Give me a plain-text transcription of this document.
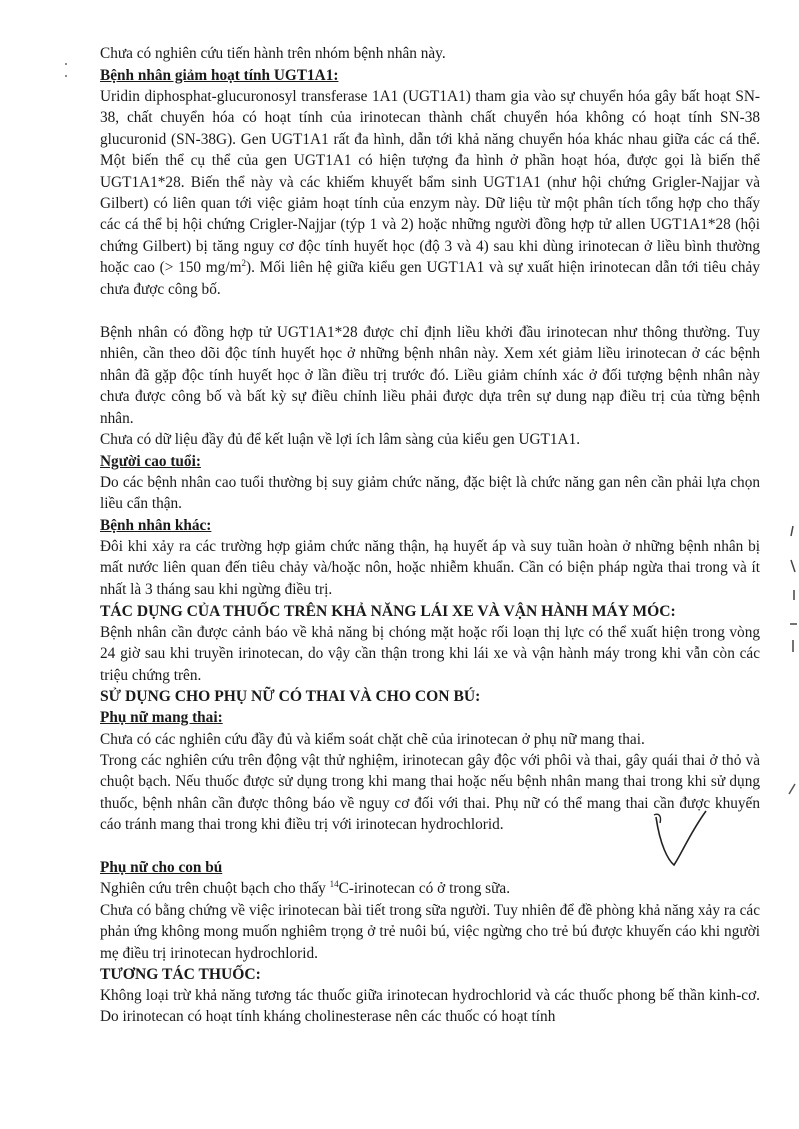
Chưa có nghiên cứu tiến hành trên nhóm bệnh nhân này.
Bệnh nhân giảm hoạt tính UGT1A1:
Uridin diphosphat-glucuronosyl transferase 1A1 (UGT1A1) tham gia vào sự chuyển hóa gây bất hoạt SN-38, chất chuyển hóa có hoạt tính của irinotecan thành chất chuyển hóa không có hoạt tính SN-38 glucuronid (SN-38G). Gen UGT1A1 rất đa hình, dẫn tới khả năng chuyển hóa khác nhau giữa các cá thể. Một biến thể cụ thể của gen UGT1A1 có hiện tượng đa hình ở phần hoạt hóa, được gọi là biến thể UGT1A1*28. Biến thể này và các khiếm khuyết bẩm sinh UGT1A1 (như hội chứng Grigler-Najjar và Gilbert) có liên quan tới việc giảm hoạt tính của enzym này. Dữ liệu từ một phân tích tổng hợp cho thấy các cá thể bị hội chứng Crigler-Najjar (týp 1 và 2) hoặc những người đồng hợp tử allen UGT1A1*28 (hội chứng Gilbert) bị tăng nguy cơ độc tính huyết học (độ 3 và 4) sau khi dùng irinotecan ở liều bình thường hoặc cao (> 150 $mg/m^2$). Mối liên hệ giữa kiểu gen UGT1A1 và sự xuất hiện irinotecan dẫn tới tiêu chảy chưa được công bố.
Bệnh nhân có đồng hợp tử UGT1A1*28 được chỉ định liều khởi đầu irinotecan như thông thường. Tuy nhiên, cần theo dõi độc tính huyết học ở những bệnh nhân này. Xem xét giảm liều irinotecan ở các bệnh nhân đã gặp độc tính huyết học ở lần điều trị trước đó. Liều giảm chính xác ở đối tượng bệnh nhân này chưa được công bố và bất kỳ sự điều chỉnh liều phải được dựa trên sự dung nạp điều trị của từng bệnh nhân.
Chưa có dữ liệu đầy đủ để kết luận về lợi ích lâm sàng của kiểu gen UGT1A1.
Người cao tuổi:
Do các bệnh nhân cao tuổi thường bị suy giảm chức năng, đặc biệt là chức năng gan nên cần phải lựa chọn liều cẩn thận.
Bệnh nhân khác:
Đôi khi xảy ra các trường hợp giảm chức năng thận, hạ huyết áp và suy tuần hoàn ở những bệnh nhân bị mất nước liên quan đến tiêu chảy và/hoặc nôn, hoặc nhiễm khuẩn. Cần có biện pháp ngừa thai trong và ít nhất là 3 tháng sau khi ngừng điều trị.
TÁC DỤNG CỦA THUỐC TRÊN KHẢ NĂNG LÁI XE VÀ VẬN HÀNH MÁY MÓC:
Bệnh nhân cần được cảnh báo về khả năng bị chóng mặt hoặc rối loạn thị lực có thể xuất hiện trong vòng 24 giờ sau khi truyền irinotecan, do vậy cần thận trong khi lái xe và vận hành máy trong khi vẫn còn các triệu chứng trên.
SỬ DỤNG CHO PHỤ NỮ CÓ THAI VÀ CHO CON BÚ:
Phụ nữ mang thai:
Chưa có các nghiên cứu đầy đủ và kiểm soát chặt chẽ của irinotecan ở phụ nữ mang thai.
Trong các nghiên cứu trên động vật thử nghiệm, irinotecan gây độc với phôi và thai, gây quái thai ở thỏ và chuột bạch. Nếu thuốc được sử dụng trong khi mang thai hoặc nếu bệnh nhân mang thai trong khi sử dụng thuốc, bệnh nhân cần được thông báo về nguy cơ đối với thai. Phụ nữ có thể mang thai cần được khuyến cáo tránh mang thai trong khi điều trị với irinotecan hydrochlorid.
Phụ nữ cho con bú
Nghiên cứu trên chuột bạch cho thấy $^{14}$C-irinotecan có ở trong sữa.
Chưa có bằng chứng về việc irinotecan bài tiết trong sữa người. Tuy nhiên để đề phòng khả năng xảy ra các phản ứng không mong muốn nghiêm trọng ở trẻ nuôi bú, việc ngừng cho trẻ bú được khuyến cáo khi người mẹ điều trị irinotecan hydrochlorid.
TƯƠNG TÁC THUỐC:
Không loại trừ khả năng tương tác thuốc giữa irinotecan hydrochlorid và các thuốc phong bế thần kinh-cơ. Do irinotecan có hoạt tính kháng cholinesterase nên các thuốc có hoạt tính
